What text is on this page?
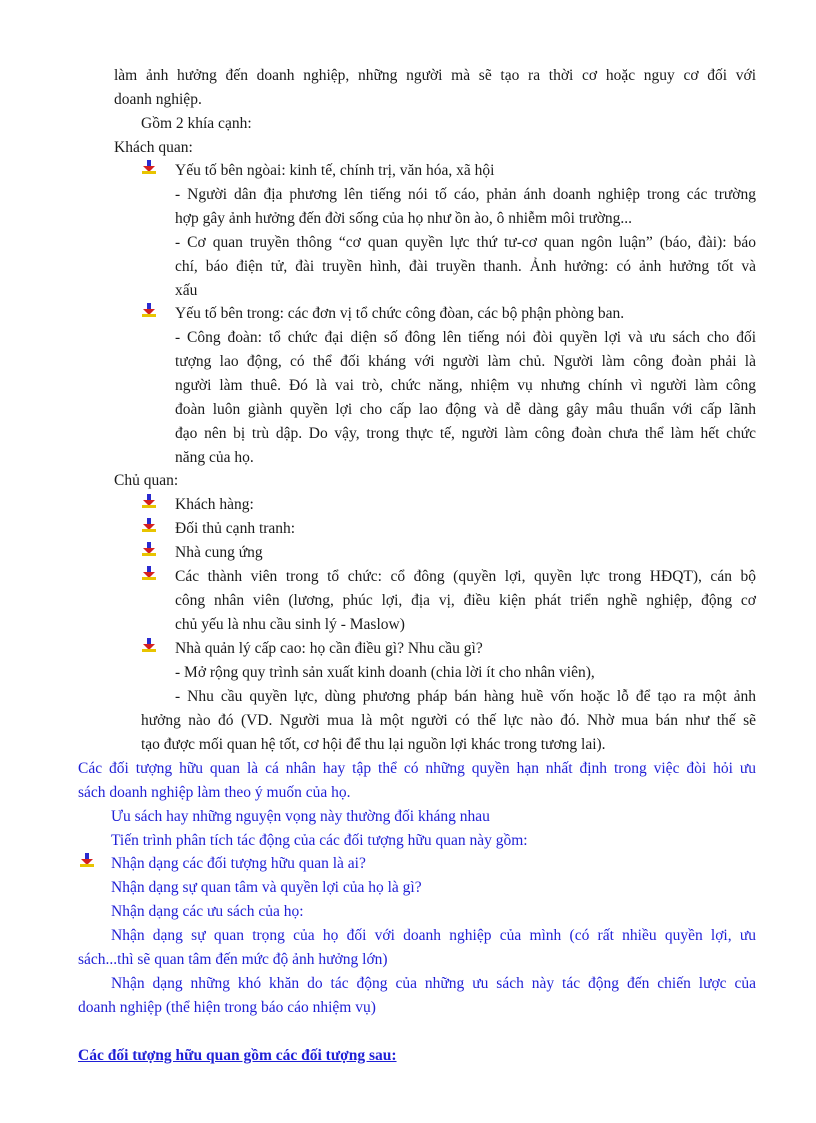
làm ảnh hưởng đến doanh nghiệp, những người mà sẽ tạo ra thời cơ hoặc nguy cơ đối với
doanh nghiệp.
Gồm 2 khía cạnh:
Khách quan:
Yếu tố bên ngòai: kinh tế, chính trị, văn hóa, xã hội
- Người dân địa phương lên tiếng nói tố cáo, phản ánh doanh nghiệp trong các trường
hợp gây ảnh hưởng đến đời sống của họ như ồn ào, ô nhiễm môi trường...
- Cơ quan truyền thông “cơ quan quyền lực thứ tư-cơ quan ngôn luận” (báo, đài): báo
chí, báo điện tử, đài truyền hình, đài truyền thanh. Ảnh hưởng: có ảnh hưởng tốt và
xấu
Yếu tố bên trong: các đơn vị tổ chức công đòan, các bộ phận phòng ban.
- Công đoàn: tổ chức đại diện số đông lên tiếng nói đòi quyền lợi và ưu sách cho đối
tượng lao động, có thể đối kháng với người làm chủ. Người làm công đoàn phải là
người làm thuê. Đó là vai trò, chức năng, nhiệm vụ nhưng chính vì người làm công
đoàn luôn giành quyền lợi cho cấp lao động và dễ dàng gây mâu thuẩn với cấp lãnh
đạo nên bị trù dập. Do vậy, trong thực tế, người làm công đoàn chưa thể làm hết chức
năng của họ.
Chủ quan:
Khách hàng:
Đối thủ cạnh tranh:
Nhà cung ứng
Các thành viên trong tổ chức: cổ đông (quyền lợi, quyền lực trong HĐQT), cán bộ
công nhân viên (lương, phúc lợi, địa vị, điều kiện phát triển nghề nghiệp, động cơ
chủ yếu là nhu cầu sinh lý - Maslow)
Nhà quản lý cấp cao: họ cần điều gì? Nhu cầu gì?
- Mở rộng quy trình sản xuất kinh doanh (chia lời ít cho nhân viên),
- Nhu cầu quyền lực, dùng phương pháp bán hàng huề vốn hoặc lỗ để tạo ra một ảnh
hưởng nào đó (VD. Người mua là một người có thế lực nào đó. Nhờ mua bán như thế sẽ
tạo được mối quan hệ tốt, cơ hội để thu lại nguồn lợi khác trong tương lai).
Các đối tượng hữu quan là cá nhân hay tập thể có những quyền hạn nhất định trong việc đòi hỏi ưu
sách doanh nghiệp làm theo ý muốn của họ.
Ưu sách hay những nguyện vọng này thường đối kháng nhau
Tiến trình phân tích tác động của các đối tượng hữu quan này gồm:
Nhận dạng các đối tượng hữu quan là ai?
Nhận dạng sự quan tâm và quyền lợi của họ là gì?
Nhận dạng các ưu sách của họ:
Nhận dạng sự quan trọng của họ đối với doanh nghiệp của mình (có rất nhiều quyền lợi, ưu
sách...thì sẽ quan tâm đến mức độ ảnh hưởng lớn)
Nhận dạng những khó khăn do tác động của những ưu sách này tác động đến chiến lược của
doanh nghiệp (thể hiện trong báo cáo nhiệm vụ)
Các đối tượng hữu quan gồm các đối tượng sau:
